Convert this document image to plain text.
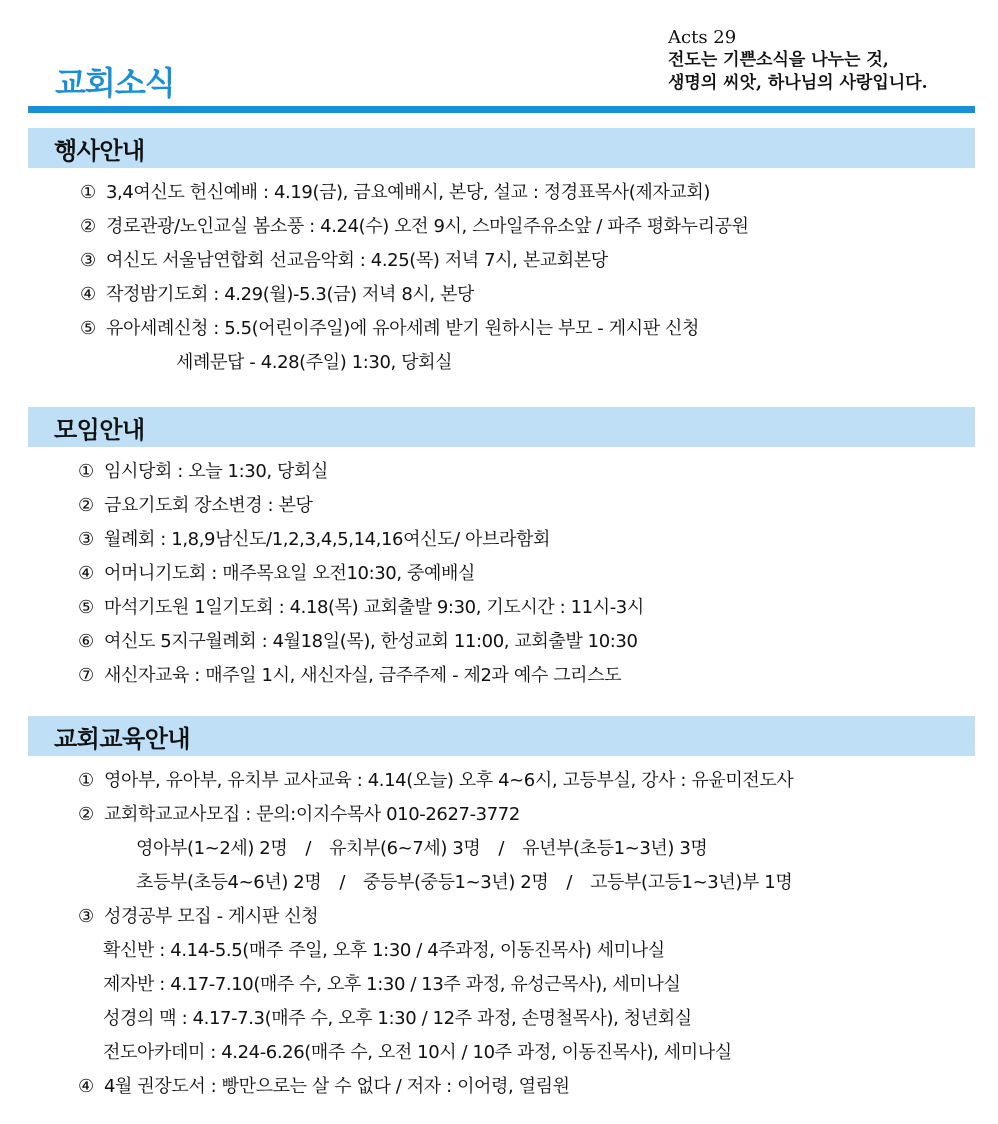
교회소식
Acts 29
전도는 기쁜소식을 나누는 것,
생명의 씨앗, 하나님의 사랑입니다.
행사안내
① 3,4여신도 헌신예배 : 4.19(금), 금요예배시, 본당, 설교 : 정경표목사(제자교회)
② 경로관광/노인교실 봄소풍 : 4.24(수) 오전 9시, 스마일주유소앞 / 파주 평화누리공원
③ 여신도 서울남연합회 선교음악회 : 4.25(목) 저녁 7시, 본교회본당
④ 작정밤기도회 : 4.29(월)-5.3(금) 저녁 8시, 본당
⑤ 유아세례신청 : 5.5(어린이주일)에 유아세례 받기 원하시는 부모 - 게시판 신청
세례문답 - 4.28(주일) 1:30, 당회실
모임안내
① 임시당회 : 오늘 1:30, 당회실
② 금요기도회 장소변경 : 본당
③ 월례회 : 1,8,9남신도/1,2,3,4,5,14,16여신도/ 아브라함회
④ 어머니기도회 : 매주목요일 오전10:30, 중예배실
⑤ 마석기도원 1일기도회 : 4.18(목) 교회출발 9:30, 기도시간 : 11시-3시
⑥ 여신도 5지구월례회 : 4월18일(목), 한성교회 11:00, 교회출발 10:30
⑦ 새신자교육 : 매주일 1시, 새신자실, 금주주제 - 제2과 예수 그리스도
교회교육안내
① 영아부, 유아부, 유치부 교사교육 : 4.14(오늘) 오후 4~6시, 고등부실, 강사 : 유윤미전도사
② 교회학교교사모집 : 문의:이지수목사 010-2627-3772
영아부(1~2세) 2명 / 유치부(6~7세) 3명 / 유년부(초등1~3년) 3명
초등부(초등4~6년) 2명 / 중등부(중등1~3년) 2명 / 고등부(고등1~3년)부 1명
③ 성경공부 모집 - 게시판 신청
확신반 : 4.14-5.5(매주 주일, 오후 1:30 / 4주과정, 이동진목사) 세미나실
제자반 : 4.17-7.10(매주 수, 오후 1:30 / 13주 과정, 유성근목사), 세미나실
성경의 맥 : 4.17-7.3(매주 수, 오후 1:30 / 12주 과정, 손명철목사), 청년회실
전도아카데미 : 4.24-6.26(매주 수, 오전 10시 / 10주 과정, 이동진목사), 세미나실
④ 4월 권장도서 : 빵만으로는 살 수 없다 / 저자 : 이어령, 열림원
